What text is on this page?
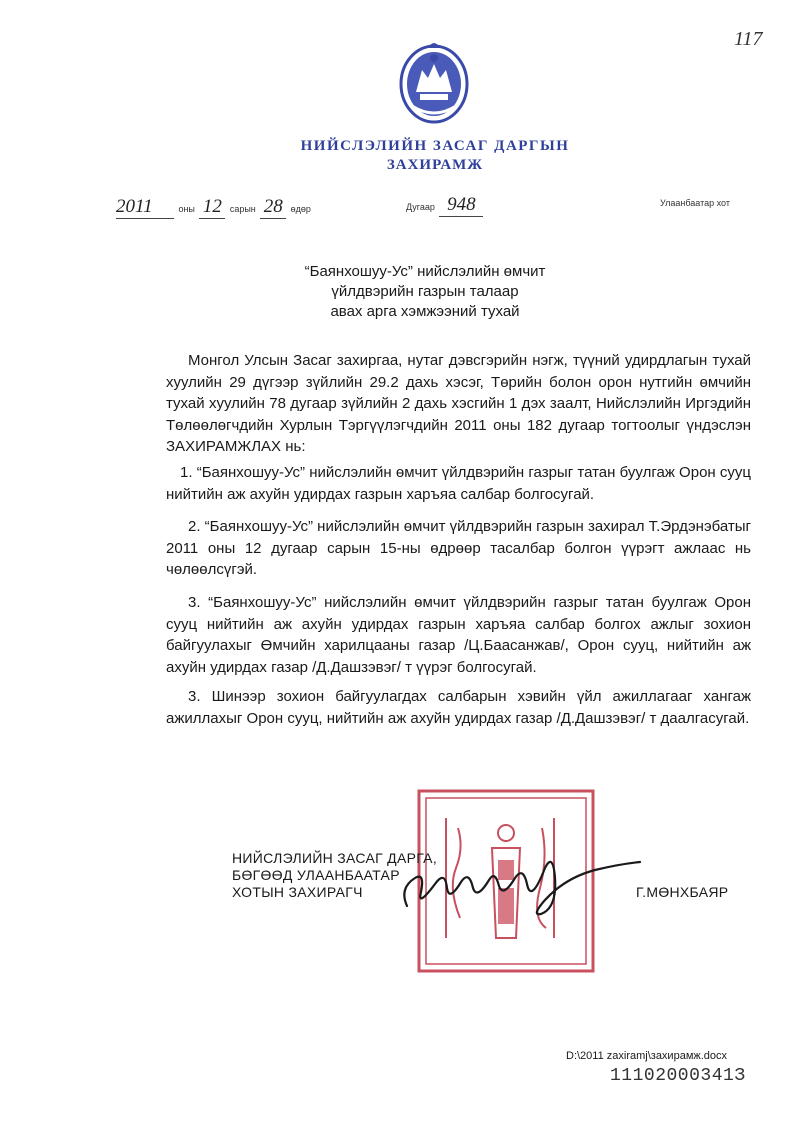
117
НИЙСЛЭЛИЙН ЗАСАГ ДАРГЫН
ЗАХИРАМЖ
2011	оны 12 сарын 28 өдөр	Дугаар 948	Улаанбаатар хот
“Баянхошуу-Ус” нийслэлийн өмчит
үйлдвэрийн газрын талаар
авах арга хэмжээний тухай
Монгол Улсын Засаг захиргаа, нутаг дэвсгэрийн нэгж, түүний удирдлагын тухай хуулийн 29 дүгээр зүйлийн 29.2 дахь хэсэг, Төрийн болон орон нутгийн өмчийн тухай хуулийн 78 дугаар зүйлийн 2 дахь хэсгийн 1 дэх заалт, Нийслэлийн Иргэдийн Төлөөлөгчдийн Хурлын Тэргүүлэгчдийн 2011 оны 182 дугаар тогтоолыг үндэслэн ЗАХИРАМЖЛАХ нь:
1. “Баянхошуу-Ус” нийслэлийн өмчит үйлдвэрийн газрыг татан буулгаж Орон сууц нийтийн аж ахуйн удирдах газрын харъяа салбар болгосугай.
2. “Баянхошуу-Ус” нийслэлийн өмчит үйлдвэрийн газрын захирал Т.Эрдэнэбатыг 2011 оны 12 дугаар сарын 15-ны өдрөөр тасалбар болгон үүрэгт ажлаас нь чөлөөлсүгэй.
3. “Баянхошуу-Ус” нийслэлийн өмчит үйлдвэрийн газрыг татан буулгаж Орон сууц нийтийн аж ахуйн удирдах газрын харъяа салбар болгох ажлыг зохион байгуулахыг Өмчийн харилцааны газар /Ц.Баасанжав/, Орон сууц, нийтийн аж ахуйн удирдах газар /Д.Дашзэвэг/ т үүрэг болгосугай.
3. Шинээр зохион байгуулагдах салбарын хэвийн үйл ажиллагааг хангаж ажиллахыг Орон сууц, нийтийн аж ахуйн удирдах газар /Д.Дашзэвэг/ т даалгасугай.
НИЙСЛЭЛИЙН ЗАСАГ ДАРГА,
БӨГӨӨД УЛААНБААТАР
ХОТЫН ЗАХИРАГЧ	Г.МӨНХБАЯР
D:\2011 zaxiramj\захирамж.docx
11102000341З
